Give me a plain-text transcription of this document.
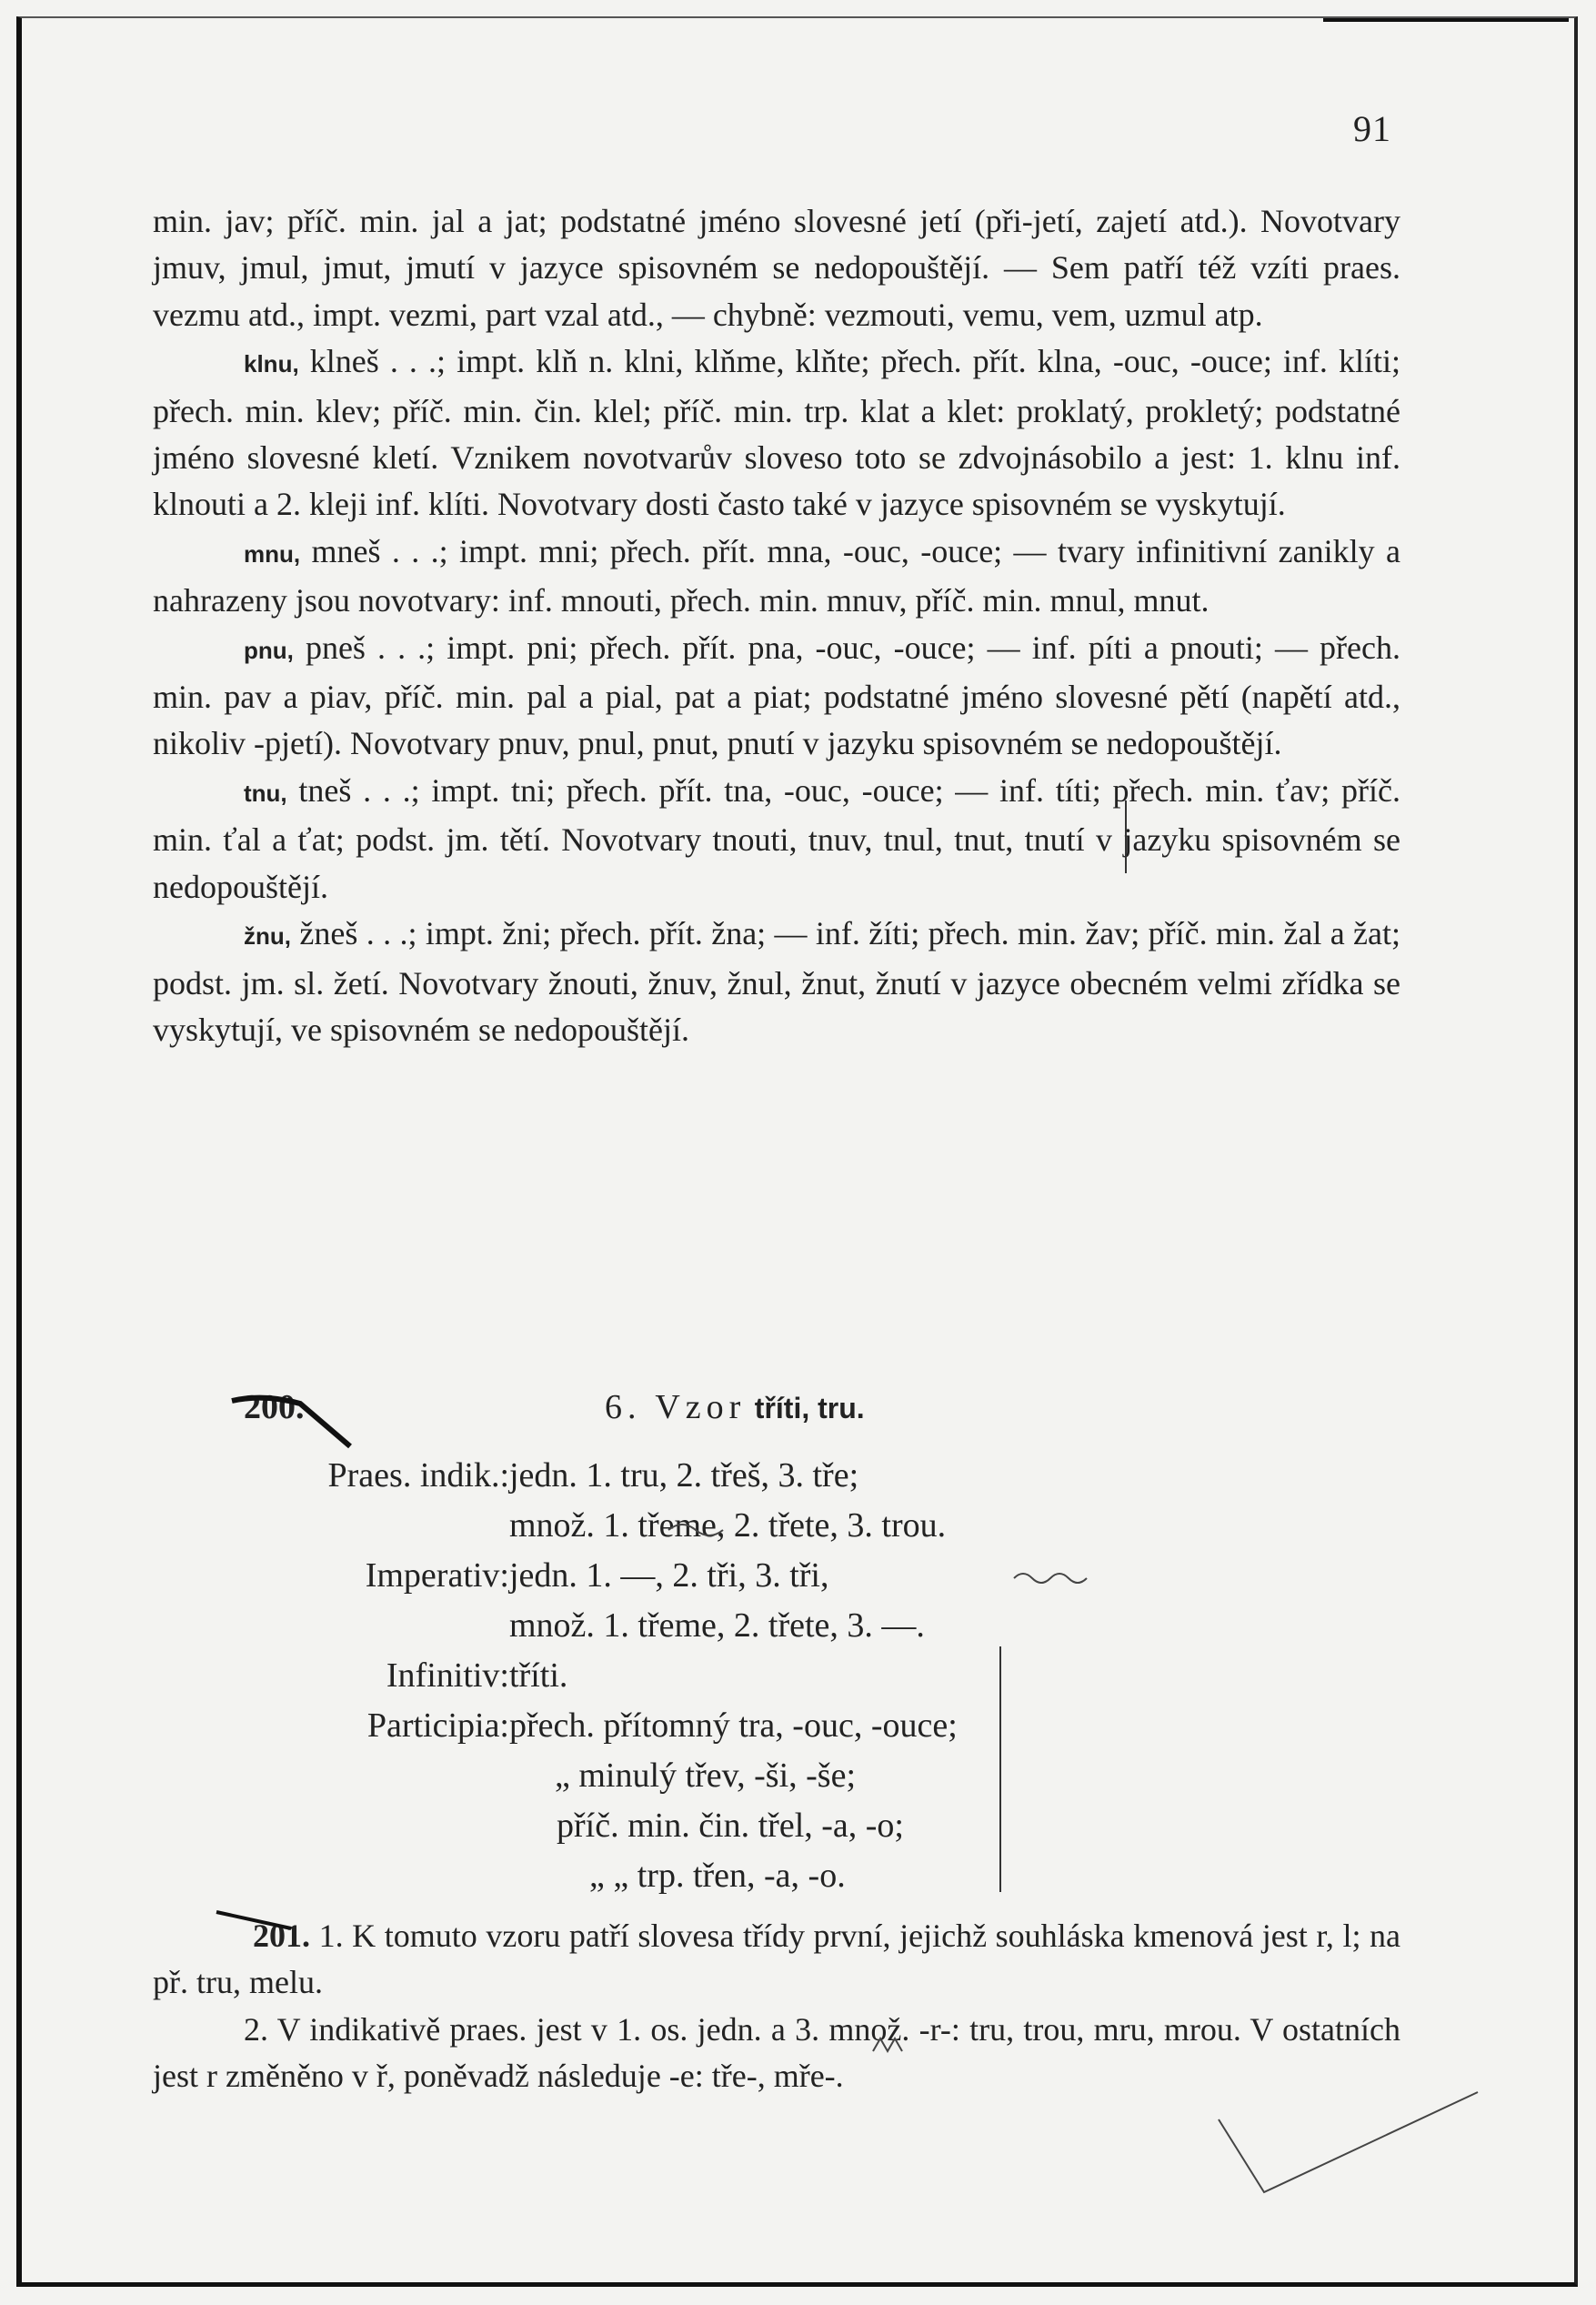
91

min. jav; příč. min. jal a jat; podstatné jméno slovesné jetí (při-jetí, zajetí atd.). Novotvary jmuv, jmul, jmut, jmutí v jazyce spisovném se nedopouštějí. — Sem patří též vzíti praes. vezmu atd., impt. vezmi, part vzal atd., — chybně: vezmouti, vemu, vem, uzmul atp.

klnu, klneš . . .; impt. klň n. klni, klňme, klňte; přech. přít. klna, -ouc, -ouce; inf. klíti; přech. min. klev; příč. min. čin. klel; příč. min. trp. klat a klet: proklatý, prokletý; podstatné jméno slovesné kletí. Vznikem novotvarův sloveso toto se zdvojnásobilo a jest: 1. klnu inf. klnouti a 2. kleji inf. klíti. Novotvary dosti často také v jazyce spisovném se vyskytují.

mnu, mneš . . .; impt. mni; přech. přít. mna, -ouc, -ouce; — tvary infinitivní zanikly a nahrazeny jsou novotvary: inf. mnouti, přech. min. mnuv, příč. min. mnul, mnut.

pnu, pneš . . .; impt. pni; přech. přít. pna, -ouc, -ouce; — inf. píti a pnouti; — přech. min. pav a piav, příč. min. pal a pial, pat a piat; podstatné jméno slovesné pětí (napětí atd., nikoliv -pjetí). Novotvary pnuv, pnul, pnut, pnutí v jazyku spisovném se nedopouštějí.

tnu, tneš . . .; impt. tni; přech. přít. tna, -ouc, -ouce; — inf. títi; přech. min. ťav; příč. min. ťal a ťat; podst. jm. tětí. Novotvary tnouti, tnuv, tnul, tnut, tnutí v jazyku spisovném se nedopouštějí.

žnu, žneš . . .; impt. žni; přech. přít. žna; — inf. žíti; přech. min. žav; příč. min. žal a žat; podst. jm. sl. žetí. Novotvary žnouti, žnuv, žnul, žnut, žnutí v jazyce obecném velmi zřídka se vyskytují, ve spisovném se nedopouštějí.

200.	6. Vzor tříti, tru.
Praes. indik.: jedn. 1. tru, 2. třeš, 3. tře;
množ. 1. třeme, 2. třete, 3. trou.
Imperativ: jedn. 1. —, 2. tři, 3. tři,
množ. 1. třeme, 2. třete, 3. —.
Infinitiv: tříti.
Participia: přech. přítomný tra, -ouc, -ouce;
„ minulý třev, -ši, -še;
příč. min. čin. třel, -a, -o;
„ „ trp. třen, -a, -o.

201. 1. K tomuto vzoru patří slovesa třídy první, jejichž souhláska kmenová jest r, l; na př. tru, melu.

2. V indikativě praes. jest v 1. os. jedn. a 3. množ. -r-: tru, trou, mru, mrou. V ostatních jest r změněno v ř, poněvadž následuje -e: tře-, mře-.
